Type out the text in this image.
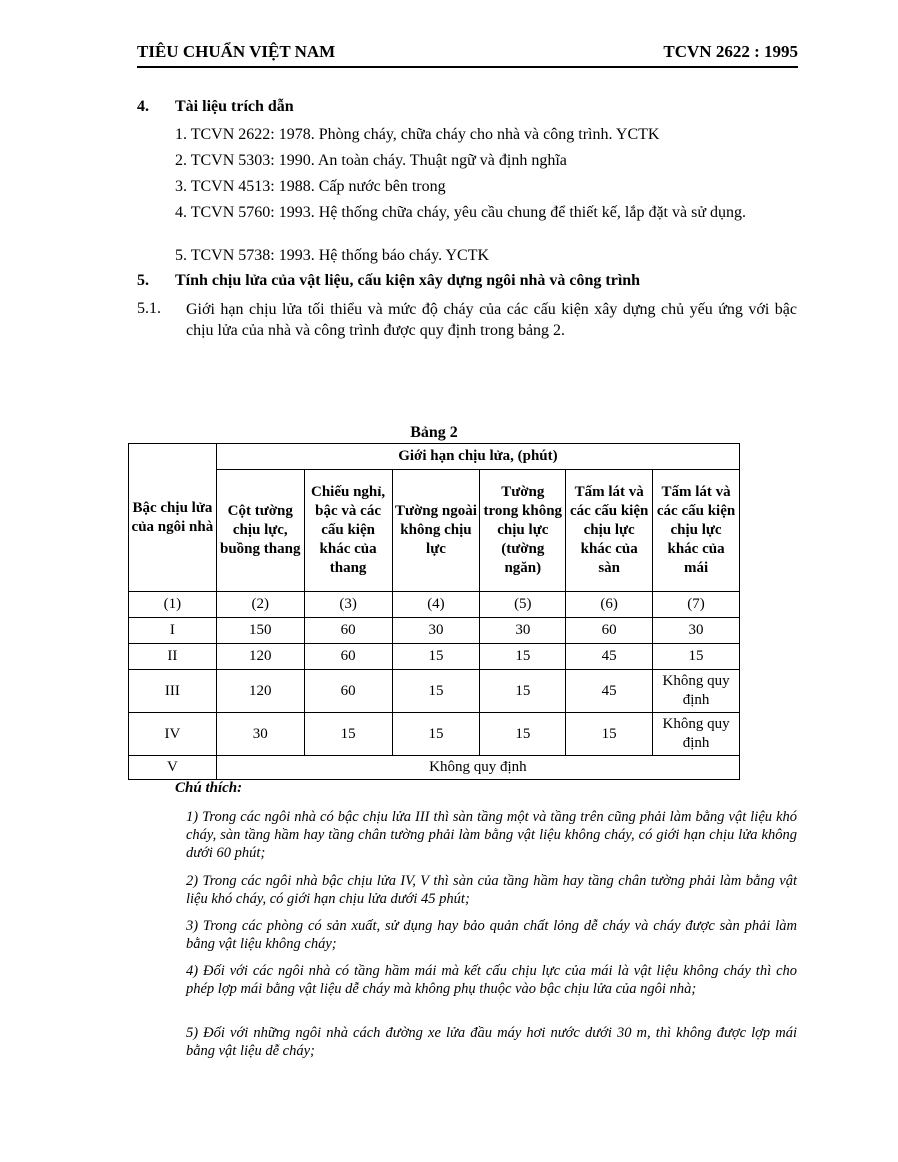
TIÊU CHUẨN VIỆT NAM	TCVN 2622 : 1995
4. Tài liệu trích dẫn
1. TCVN 2622: 1978. Phòng cháy, chữa cháy cho nhà và công trình. YCTK
2. TCVN 5303: 1990. An toàn cháy. Thuật ngữ và định nghĩa
3. TCVN 4513: 1988. Cấp nước bên trong
4. TCVN 5760: 1993. Hệ thống chữa cháy, yêu cầu chung để thiết kế, lắp đặt và sử dụng.
5. TCVN 5738: 1993. Hệ thống báo cháy. YCTK
5. Tính chịu lửa của vật liệu, cấu kiện xây dựng ngôi nhà và công trình
5.1. Giới hạn chịu lửa tối thiểu và mức độ cháy của các cấu kiện xây dựng chủ yếu ứng với bậc chịu lửa của nhà và công trình được quy định trong bảng 2.
Bảng 2
Bậc chịu lửa của ngôi nhà	Giới hạn chịu lửa, (phút)					
	Cột tường chịu lực, buồng thang	Chiếu nghỉ, bậc và các cấu kiện khác của thang	Tường ngoài không chịu lực	Tường trong không chịu lực (tường ngăn)	Tấm lát và các cấu kiện chịu lực khác của sàn	Tấm lát và các cấu kiện chịu lực khác của mái
(1)	(2)	(3)	(4)	(5)	(6)	(7)
I	150	60	30	30	60	30
II	120	60	15	15	45	15
III	120	60	15	15	45	Không quy định
IV	30	15	15	15	15	Không quy định
V	Không quy định					
Chú thích:
1) Trong các ngôi nhà có bậc chịu lửa III thì sàn tầng một và tầng trên cũng phải làm bằng vật liệu khó cháy, sàn tầng hầm hay tầng chân tường phải làm bằng vật liệu không cháy, có giới hạn chịu lửa không dưới 60 phút;
2) Trong các ngôi nhà bậc chịu lửa IV, V thì sàn của tầng hầm hay tầng chân tường phải làm bằng vật liệu khó cháy, có giới hạn chịu lửa dưới 45 phút;
3) Trong các phòng có sản xuất, sử dụng hay bảo quản chất lỏng dễ cháy và cháy được sàn phải làm bằng vật liệu không cháy;
4) Đối với các ngôi nhà có tầng hầm mái mà kết cấu chịu lực của mái là vật liệu không cháy thì cho phép lợp mái bằng vật liệu dễ cháy mà không phụ thuộc vào bậc chịu lửa của ngôi nhà;
5) Đối với những ngôi nhà cách đường xe lửa đầu máy hơi nước dưới 30 m, thì không được lợp mái bằng vật liệu dễ cháy;
